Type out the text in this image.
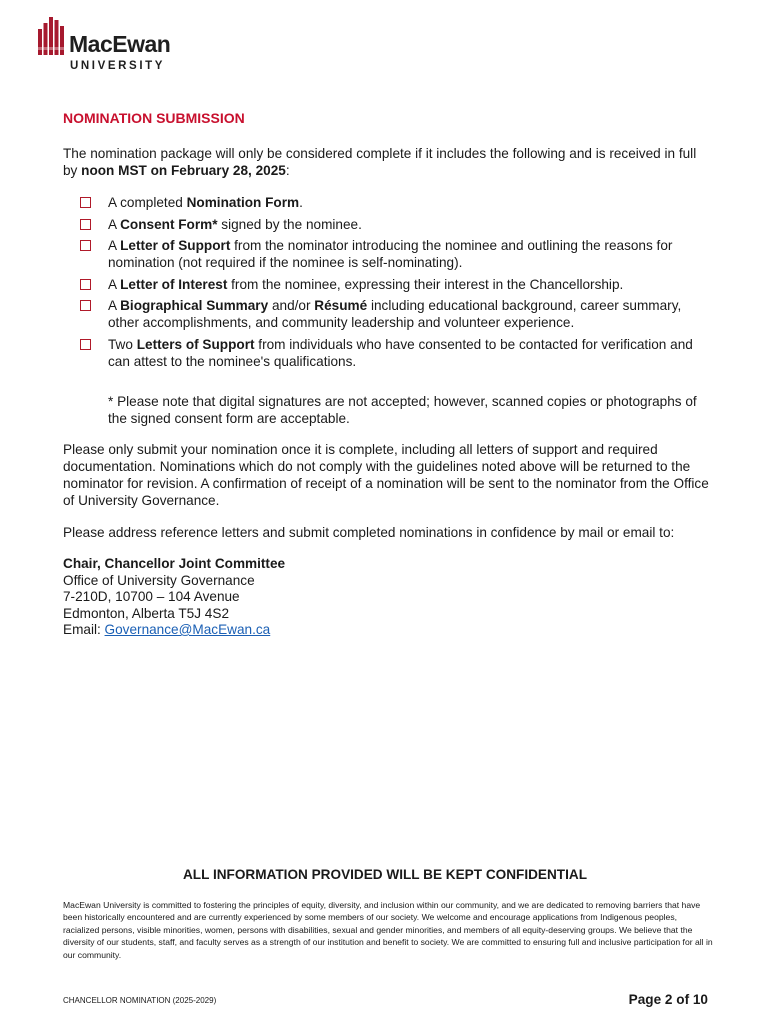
MacEwan
UNIVERSITY
NOMINATION SUBMISSION
The nomination package will only be considered complete if it includes the following and is received in full by noon MST on February 28, 2025:
A completed Nomination Form.
A Consent Form* signed by the nominee.
A Letter of Support from the nominator introducing the nominee and outlining the reasons for nomination (not required if the nominee is self-nominating).
A Letter of Interest from the nominee, expressing their interest in the Chancellorship.
A Biographical Summary and/or Résumé including educational background, career summary, other accomplishments, and community leadership and volunteer experience.
Two Letters of Support from individuals who have consented to be contacted for verification and can attest to the nominee's qualifications.
* Please note that digital signatures are not accepted; however, scanned copies or photographs of the signed consent form are acceptable.
Please only submit your nomination once it is complete, including all letters of support and required documentation. Nominations which do not comply with the guidelines noted above will be returned to the nominator for revision. A confirmation of receipt of a nomination will be sent to the nominator from the Office of University Governance.
Please address reference letters and submit completed nominations in confidence by mail or email to:
Chair, Chancellor Joint Committee
Office of University Governance
7-210D, 10700 – 104 Avenue
Edmonton, Alberta T5J 4S2
Email: Governance@MacEwan.ca
ALL INFORMATION PROVIDED WILL BE KEPT CONFIDENTIAL
MacEwan University is committed to fostering the principles of equity, diversity, and inclusion within our community, and we are dedicated to removing barriers that have been historically encountered and are currently experienced by some members of our society. We welcome and encourage applications from Indigenous peoples, racialized persons, visible minorities, women, persons with disabilities, sexual and gender minorities, and members of all equity-deserving groups. We believe that the diversity of our students, staff, and faculty serves as a strength of our institution and benefit to society. We are committed to ensuring full and inclusive participation for all in our community.
CHANCELLOR NOMINATION (2025-2029)	Page 2 of 10
